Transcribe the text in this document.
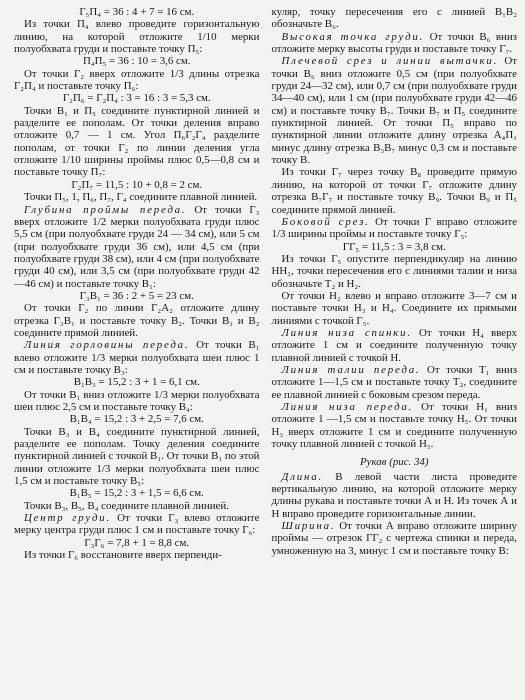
Г₅П₄ = 36 : 4 + 7 = 16 см.

Из точки П₄ влево проведите горизонтальную линию, на которой отложите 1/10 мерки полуобхвата груди и поставьте точку П₅:

П₄П₅ = 36 : 10 = 3,6 см.

От точки Г₂ вверх отложите 1/3 длины отрезка Г₂П₄ и поставьте точку П₆:

Г₂П₆ = Г₂П₄ : 3 = 16 : 3 = 5,3 см.

Точки В₁ и П₅ соедините пунктирной линией и разделите ее пополам. От точки деления вправо отложите 0,7 — 1 см. Угол П₆Г₂Г₄ разделите пополам, от точки Г₂ по линии деления угла отложите 1/10 ширины проймы плюс 0,5—0,8 см и поставьте точку П₇:

Г₂П₇ = 11,5 : 10 + 0,8 = 2 см.

Точки П₅, 1, П₆, П₇, Г₄ соедините плавной линией.

Глубина проймы переда. От точки Г₃ вверх отложите 1/2 мерки полуобхвата груди плюс 5,5 см (при полуобхвате груди 24 — 34 см), или 5 см (при полуобхвате груди 36 см), или 4,5 см (при полуобхвате груди 38 см), или 4 см (при полуобхвате груди 40 см), или 3,5 см (при полуобхвате груди 42—46 см) и поставьте точку В₁:

Г₃В₁ = 36 : 2 + 5 = 23 см.

От точки Г₂ по линии Г₂А₂ отложите длину отрезка Г₃В₁ и поставьте точку В₂. Точки В₁ и В₂ соедините прямой линией.

Линия горловины переда. От точки В₁ влево отложите 1/3 мерки полуобхвата шеи плюс 1 см и поставьте точку В₃:

В₁В₃ = 15,2 : 3 + 1 = 6,1 см.

От точки В₁ вниз отложите 1/3 мерки полуобхвата шеи плюс 2,5 см и поставьте точку В₄:

В₁В₄ = 15,2 : 3 + 2,5 = 7,6 см.

Точки В₃ и В₄ соедините пунктирной линией, разделите ее пополам. Точку деления соедините пунктирной линией с точкой В₁. От точки В₁ по этой линии отложите 1/3 мерки полуобхвата шеи плюс 1,5 см и поставьте точку В₅:

В₁В₅ = 15,2 : 3 + 1,5 = 6,6 см.

Точки В₃, В₅, В₄ соедините плавной линией.

Центр груди. От точки Г₃ влево отложите мерку центра груди плюс 1 см и поставьте точку Г₆:

Г₃Г₆ = 7,8 + 1 = 8,8 см.

Из точки Г₆ восстановите вверх перпенди-

куляр, точку пересечения его с линией В₁В₂ обозначьте В₆.

Высокая точка груди. От точки В₆ вниз отложите мерку высоты груди и поставьте точку Г₇.

Плечевой срез и линии вытачки. От точки В₆ вниз отложите 0,5 см (при полуобхвате груди 24—32 см), или 0,7 см (при полуобхвате груди 34—40 см), или 1 см (при полуобхвате груди 42—46 см) и поставьте точку В₇. Точки В₇ и П₅ соедините пунктирной линией. От точки П₅ вправо по пунктирной линии отложите длину отрезка А₄П₁ минус длину отрезка В₃В₇ минус 0,3 см и поставьте точку В.

Из точки Г₇ через точку В₈ проведите прямую линию, на которой от точки Г₇ отложите длину отрезка В₇Г₇ и поставьте точку В₉. Точки В₉ и П₅ соедините прямой линией.

Боковой срез. От точки Г вправо отложите 1/3 ширины проймы и поставьте точку Г₅:

ГГ₅ = 11,5 : 3 = 3,8 см.

Из точки Г₅ опустите перпендикуляр на линию НН₁, точки пересечения его с линиями талии и низа обозначьте Т₂ и Н₂.

От точки Н₂ влево и вправо отложите 3—7 см и поставьте точки Н₃ и Н₄. Соедините их прямыми линиями с точкой Г₅.

Линия низа спинки. От точки Н₄ вверх отложите 1 см и соедините полученную точку плавной линией с точкой Н.

Линия талии переда. От точки Т₁ вниз отложите 1—1,5 см и поставьте точку Т₂, соедините ее плавной линией с боковым срезом переда.

Линия низа переда. От точки Н₁ вниз отложите 1 —1,5 см и поставьте точку Н₅. От точки Н₃ вверх отложите 1 см и соедините полученную точку плавной линией с точкой Н₅.

Рукав (рис. 34)

Длина. В левой части листа проведите вертикальную линию, на которой отложите мерку длины рукава и поставьте точки А и Н. Из точек А и Н вправо проведите горизонтальные линии.

Ширина. От точки А вправо отложите ширину проймы — отрезок ГГ₂ с чертежа спинки и переда, умноженную на 3, минус 1 см и поставьте точку В:
